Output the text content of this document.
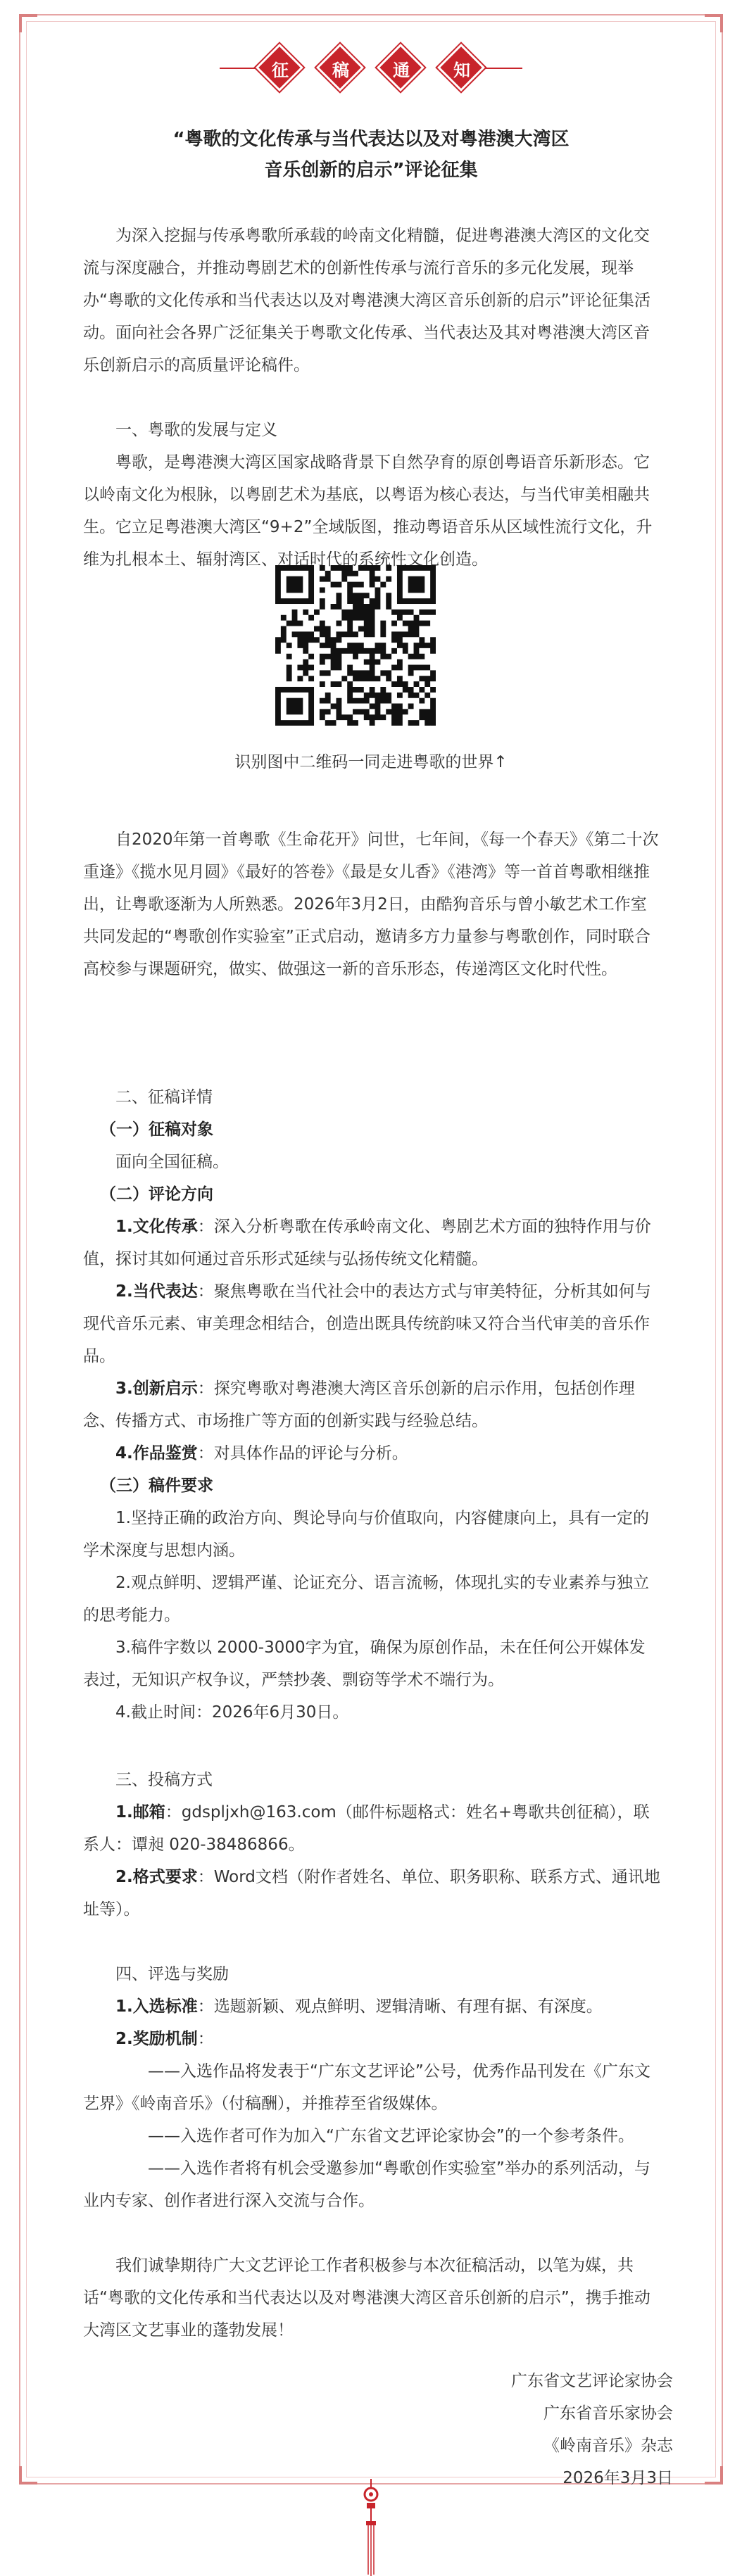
征	稿	通	知
“粤歌的文化传承与当代表达以及对粤港澳大湾区
音乐创新的启示”评论征集

为深入挖掘与传承粤歌所承载的岭南文化精髓，促进粤港澳大湾区的文化交流与深度融合，并推动粤剧艺术的创新性传承与流行音乐的多元化发展，现举办“粤歌的文化传承和当代表达以及对粤港澳大湾区音乐创新的启示”评论征集活动。面向社会各界广泛征集关于粤歌文化传承、当代表达及其对粤港澳大湾区音乐创新启示的高质量评论稿件。

一、粤歌的发展与定义

粤歌，是粤港澳大湾区国家战略背景下自然孕育的原创粤语音乐新形态。它以岭南文化为根脉，以粤剧艺术为基底，以粤语为核心表达，与当代审美相融共生。它立足粤港澳大湾区“9+2”全域版图，推动粤语音乐从区域性流行文化，升维为扎根本土、辐射湾区、对话时代的系统性文化创造。

识别图中二维码一同走进粤歌的世界↑

自2020年第一首粤歌《生命花开》问世，七年间，《每一个春天》《第二十次重逢》《揽水见月圆》《最好的答卷》《最是女儿香》《港湾》等一首首粤歌相继推出，让粤歌逐渐为人所熟悉。2026年3月2日，由酷狗音乐与曾小敏艺术工作室共同发起的“粤歌创作实验室”正式启动，邀请多方力量参与粤歌创作，同时联合高校参与课题研究，做实、做强这一新的音乐形态，传递湾区文化时代性。

二、征稿详情

（一）征稿对象

面向全国征稿。

（二）评论方向

1.文化传承：深入分析粤歌在传承岭南文化、粤剧艺术方面的独特作用与价值，探讨其如何通过音乐形式延续与弘扬传统文化精髓。

2.当代表达：聚焦粤歌在当代社会中的表达方式与审美特征，分析其如何与现代音乐元素、审美理念相结合，创造出既具传统韵味又符合当代审美的音乐作品。

3.创新启示：探究粤歌对粤港澳大湾区音乐创新的启示作用，包括创作理念、传播方式、市场推广等方面的创新实践与经验总结。

4.作品鉴赏：对具体作品的评论与分析。

（三）稿件要求

1.坚持正确的政治方向、舆论导向与价值取向，内容健康向上，具有一定的学术深度与思想内涵。

2.观点鲜明、逻辑严谨、论证充分、语言流畅，体现扎实的专业素养与独立的思考能力。

3.稿件字数以 2000-3000字为宜，确保为原创作品，未在任何公开媒体发表过，无知识产权争议，严禁抄袭、剽窃等学术不端行为。

4.截止时间：2026年6月30日。

三、投稿方式

1.邮箱：gdspljxh@163.com（邮件标题格式：姓名+粤歌共创征稿），联系人：谭昶 020-38486866。

2.格式要求：Word文档（附作者姓名、单位、职务职称、联系方式、通讯地址等）。

四、评选与奖励

1.入选标准：选题新颖、观点鲜明、逻辑清晰、有理有据、有深度。

2.奖励机制：

——入选作品将发表于“广东文艺评论”公号，优秀作品刊发在《广东文艺界》《岭南音乐》（付稿酬），并推荐至省级媒体。

——入选作者可作为加入“广东省文艺评论家协会”的一个参考条件。

——入选作者将有机会受邀参加“粤歌创作实验室”举办的系列活动，与业内专家、创作者进行深入交流与合作。

我们诚挚期待广大文艺评论工作者积极参与本次征稿活动，以笔为媒，共话“粤歌的文化传承和当代表达以及对粤港澳大湾区音乐创新的启示”，携手推动大湾区文艺事业的蓬勃发展！

广东省文艺评论家协会
广东省音乐家协会
《岭南音乐》杂志
2026年3月3日
